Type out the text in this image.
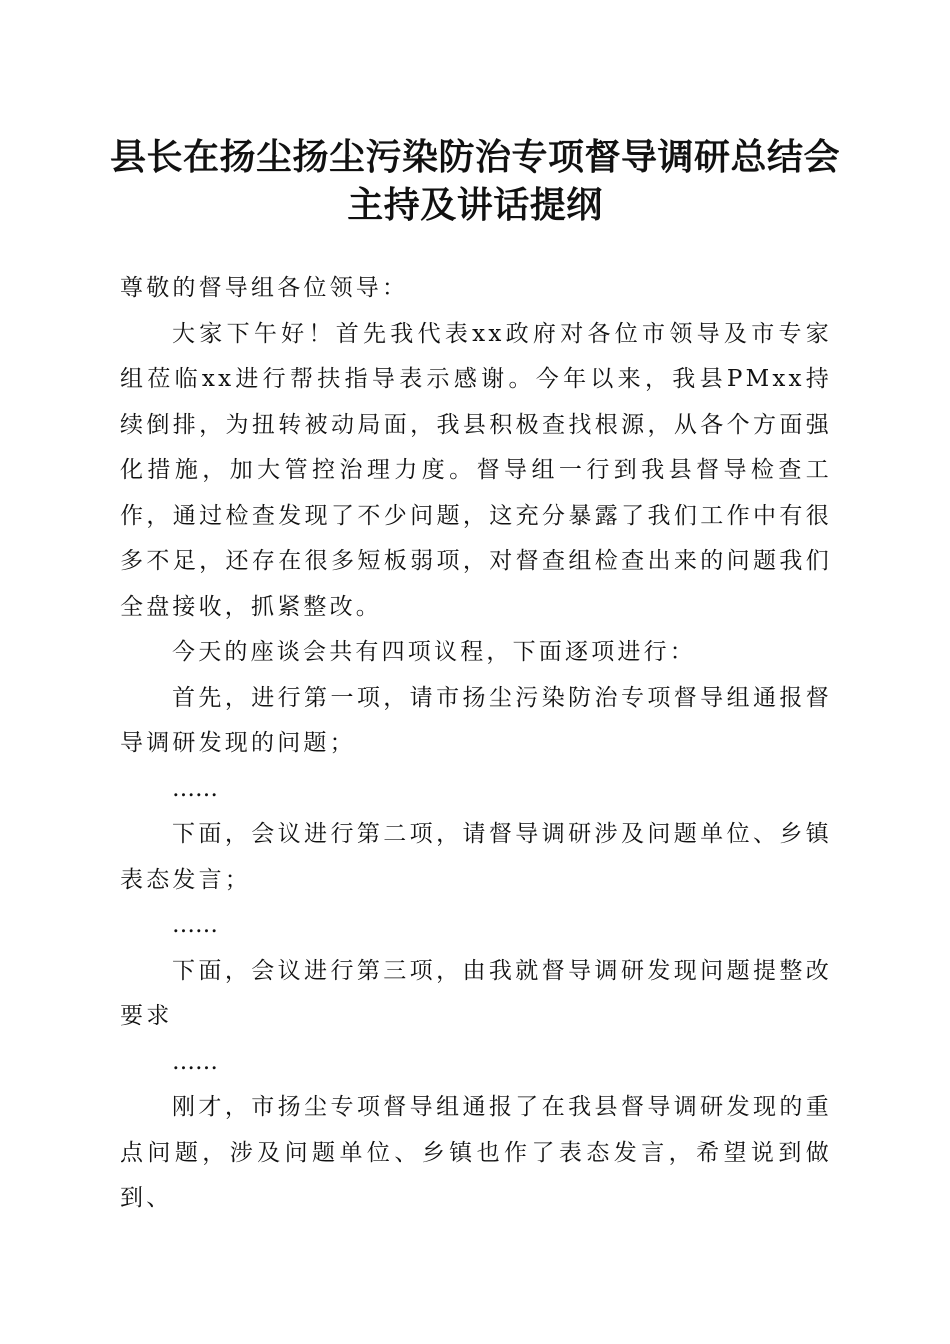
县长在扬尘扬尘污染防治专项督导调研总结会
主持及讲话提纲

尊敬的督导组各位领导：

大家下午好！首先我代表xx政府对各位市领导及市专家组莅临xx进行帮扶指导表示感谢。今年以来，我县PMxx持续倒排，为扭转被动局面，我县积极查找根源，从各个方面强化措施，加大管控治理力度。督导组一行到我县督导检查工作，通过检查发现了不少问题，这充分暴露了我们工作中有很多不足，还存在很多短板弱项，对督查组检查出来的问题我们全盘接收，抓紧整改。

今天的座谈会共有四项议程，下面逐项进行：

首先，进行第一项，请市扬尘污染防治专项督导组通报督导调研发现的问题；

……

下面，会议进行第二项，请督导调研涉及问题单位、乡镇表态发言；

……

下面，会议进行第三项，由我就督导调研发现问题提整改要求

……

刚才，市扬尘专项督导组通报了在我县督导调研发现的重点问题，涉及问题单位、乡镇也作了表态发言，希望说到做到、
